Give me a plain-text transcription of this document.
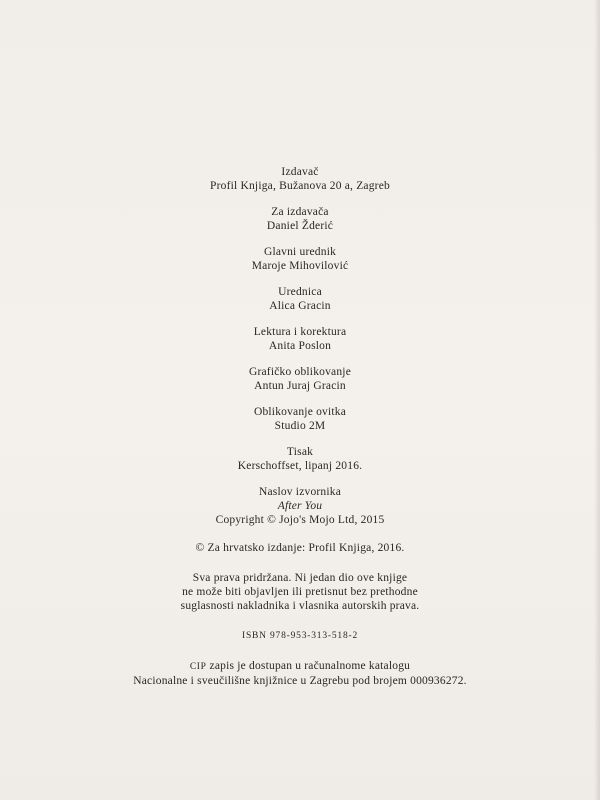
Izdavač
Profil Knjiga, Bužanova 20 a, Zagreb
Za izdavača
Daniel Žderić
Glavni urednik
Maroje Mihovilović
Urednica
Alica Gracin
Lektura i korektura
Anita Poslon
Grafičko oblikovanje
Antun Juraj Gracin
Oblikovanje ovitka
Studio 2M
Tisak
Kerschoffset, lipanj 2016.
Naslov izvornika
After You
Copyright © Jojo's Mojo Ltd, 2015
© Za hrvatsko izdanje: Profil Knjiga, 2016.
Sva prava pridržana. Ni jedan dio ove knjige
ne može biti objavljen ili pretisnut bez prethodne
suglasnosti nakladnika i vlasnika autorskih prava.
ISBN 978-953-313-518-2
CIP zapis je dostupan u računalnome katalogu
Nacionalne i sveučilišne knjižnice u Zagrebu pod brojem 000936272.
